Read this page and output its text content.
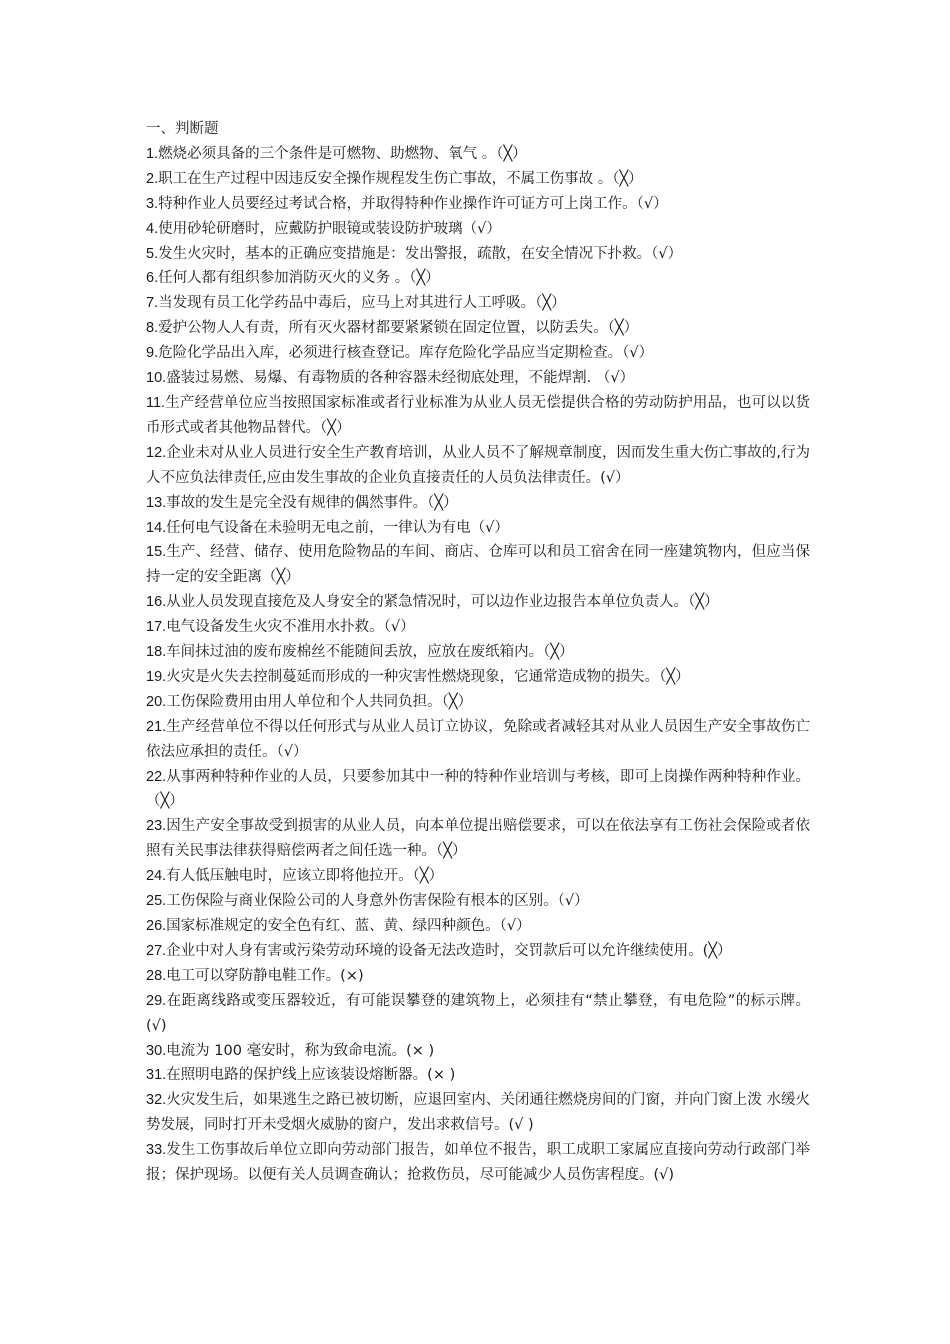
一、判断题
1.燃烧必须具备的三个条件是可燃物、助燃物、氧气 。（╳）
2.职工在生产过程中因违反安全操作规程发生伤亡事故，不属工伤事故 。（╳）
3.特种作业人员要经过考试合格，并取得特种作业操作许可证方可上岗工作。（√）
4.使用砂轮研磨时，应戴防护眼镜或装设防护玻璃（√）
5.发生火灾时，基本的正确应变措施是：发出警报，疏散，在安全情况下扑救。（√）
6.任何人都有组织参加消防灭火的义务 。（╳）
7.当发现有员工化学药品中毒后，应马上对其进行人工呼吸。（╳）
8.爱护公物人人有责，所有灭火器材都要紧紧锁在固定位置，以防丢失。（╳）
9.危险化学品出入库，必须进行核查登记。库存危险化学品应当定期检查。（√）
10.盛装过易燃、易爆、有毒物质的各种容器未经彻底处理，不能焊割. （√）
11.生产经营单位应当按照国家标准或者行业标准为从业人员无偿提供合格的劳动防护用品，也可以以货币形式或者其他物品替代。（╳）
12.企业未对从业人员进行安全生产教育培训，从业人员不了解规章制度，因而发生重大伤亡事故的,行为人不应负法律责任,应由发生事故的企业负直接责任的人员负法律责任。(√）
13.事故的发生是完全没有规律的偶然事件。（╳）
14.任何电气设备在未验明无电之前，一律认为有电（√）
15.生产、经营、储存、使用危险物品的车间、商店、仓库可以和员工宿舍在同一座建筑物内，但应当保持一定的安全距离（╳）
16.从业人员发现直接危及人身安全的紧急情况时，可以边作业边报告本单位负责人。（╳）
17.电气设备发生火灾不准用水扑救。（√）
18.车间抹过油的废布废棉丝不能随间丢放，应放在废纸箱内。（╳）
19.火灾是火失去控制蔓延而形成的一种灾害性燃烧现象，它通常造成物的损失。（╳）
20.工伤保险费用由用人单位和个人共同负担。（╳）
21.生产经营单位不得以任何形式与从业人员订立协议，免除或者减轻其对从业人员因生产安全事故伤亡依法应承担的责任。（√）
22.从事两种特种作业的人员，只要参加其中一种的特种作业培训与考核，即可上岗操作两种特种作业。（╳）
23.因生产安全事故受到损害的从业人员，向本单位提出赔偿要求，可以在依法享有工伤社会保险或者依照有关民事法律获得赔偿两者之间任选一种。（╳）
24.有人低压触电时，应该立即将他拉开。（╳）
25.工伤保险与商业保险公司的人身意外伤害保险有根本的区别。（√）
26.国家标准规定的安全色有红、蓝、黄、绿四种颜色。（√）
27.企业中对人身有害或污染劳动环境的设备无法改造时，交罚款后可以允许继续使用。(╳）
28.电工可以穿防静电鞋工作。(×)
29.在距离线路或变压器较近，有可能误攀登的建筑物上，必须挂有“禁止攀登，有电危险”的标示牌。(√)
30.电流为 100 毫安时，称为致命电流。(× )
31.在照明电路的保护线上应该装设熔断器。(× )
32.火灾发生后，如果逃生之路已被切断，应退回室内、关闭通往燃烧房间的门窗，并向门窗上泼 水缓火势发展，同时打开未受烟火威胁的窗户，发出求救信号。(√ )
33.发生工伤事故后单位立即向劳动部门报告，如单位不报告，职工成职工家属应直接向劳动行政部门举报；保护现场。以便有关人员调查确认；抢救伤员，尽可能减少人员伤害程度。(√)
